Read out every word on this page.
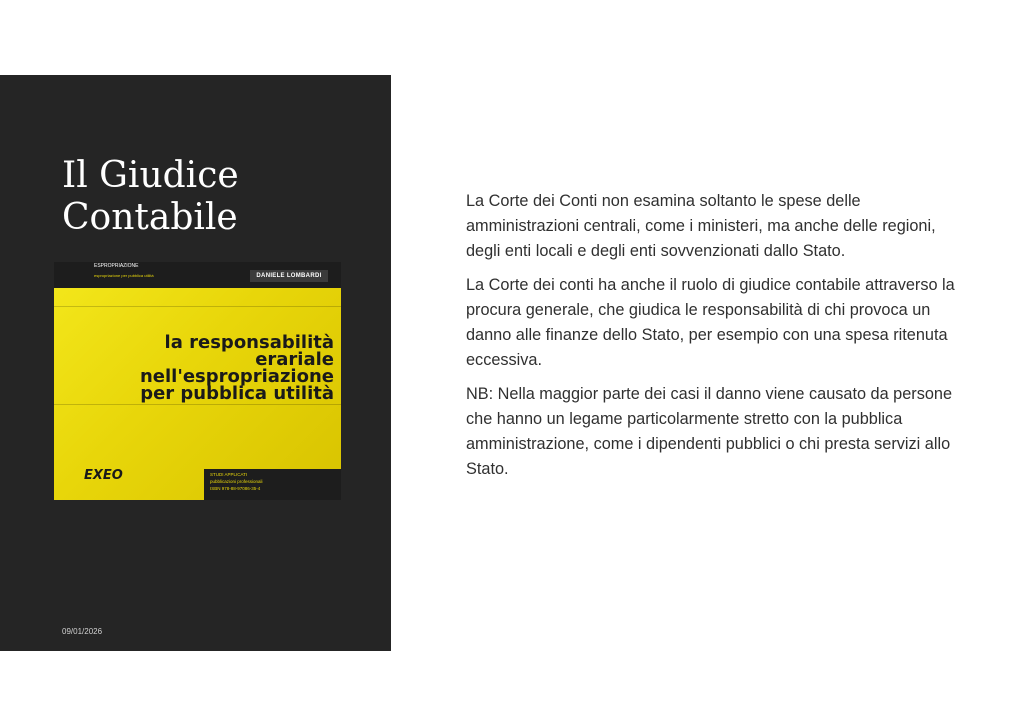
Il Giudice
Contabile
ESPROPRIAZIONE
espropriazione per pubblica utilità	DANIELE LOMBARDI
la responsabilità
erariale
nell'espropriazione
per pubblica utilità
EXEO	STUDI APPLICATI
pubblicazioni professionali
ISBN 978-88-97086-35-4
09/01/2026

La Corte dei Conti non esamina soltanto le spese delle amministrazioni centrali, come i ministeri, ma anche delle regioni, degli enti locali e degli enti sovvenzionati dallo Stato.

La Corte dei conti ha anche il ruolo di giudice contabile attraverso la procura generale, che giudica le responsabilità di chi provoca un danno alle finanze dello Stato, per esempio con una spesa ritenuta eccessiva.

NB: Nella maggior parte dei casi il danno viene causato da persone che hanno un legame particolarmente stretto con la pubblica amministrazione, come i dipendenti pubblici o chi presta servizi allo Stato.
